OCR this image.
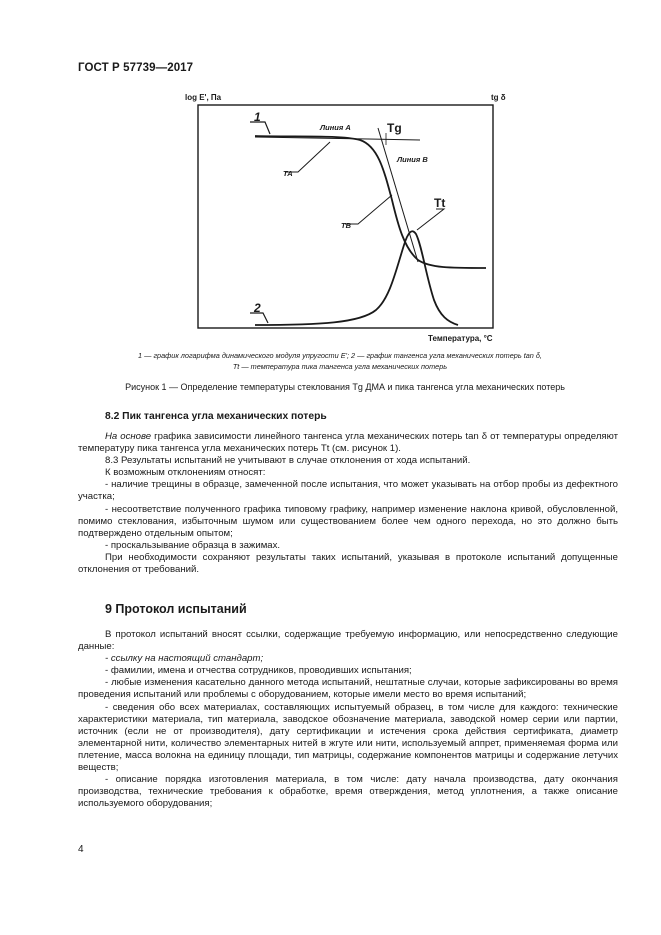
ГОСТ Р 57739—2017
log E', Па	tg δ
Температура, °С
1
2
Линия А
Линия В
Tg
ТА
ТВ
Tt
1 — график логарифма динамического модуля упругости E'; 2 — график тангенса угла механических потерь tan δ,
Tt — температура пика тангенса угла механических потерь
Рисунок 1 — Определение температуры стеклования Tg ДМА и пика тангенса угла механических потерь
8.2 Пик тангенса угла механических потерь

На основе графика зависимости линейного тангенса угла механических потерь tan δ от температуры определяют температуру пика тангенса угла механических потерь Tt (см. рисунок 1).

8.3 Результаты испытаний не учитывают в случае отклонения от хода испытаний.

К возможным отклонениям относят:

- наличие трещины в образце, замеченной после испытания, что может указывать на отбор пробы из дефектного участка;

- несоответствие полученного графика типовому графику, например изменение наклона кривой, обусловленной, помимо стеклования, избыточным шумом или существованием более чем одного перехода, но это должно быть подтверждено отдельным опытом;

- проскальзывание образца в зажимах.

При необходимости сохраняют результаты таких испытаний, указывая в протоколе испытаний допущенные отклонения от требований.

9 Протокол испытаний

В протокол испытаний вносят ссылки, содержащие требуемую информацию, или непосредственно следующие данные:

- ссылку на настоящий стандарт;

- фамилии, имена и отчества сотрудников, проводивших испытания;

- любые изменения касательно данного метода испытаний, нештатные случаи, которые зафиксированы во время проведения испытаний или проблемы с оборудованием, которые имели место во время испытаний;

- сведения обо всех материалах, составляющих испытуемый образец, в том числе для каждого: технические характеристики материала, тип материала, заводское обозначение материала, заводской номер серии или партии, источник (если не от производителя), дату сертификации и истечения срока действия сертификата, диаметр элементарной нити, количество элементарных нитей в жгуте или нити, используемый аппрет, применяемая форма или плетение, масса волокна на единицу площади, тип матрицы, содержание компонентов матрицы и содержание летучих веществ;

- описание порядка изготовления материала, в том числе: дату начала производства, дату окончания производства, технические требования к обработке, время отверждения, метод уплотнения, а также описание используемого оборудования;

4
